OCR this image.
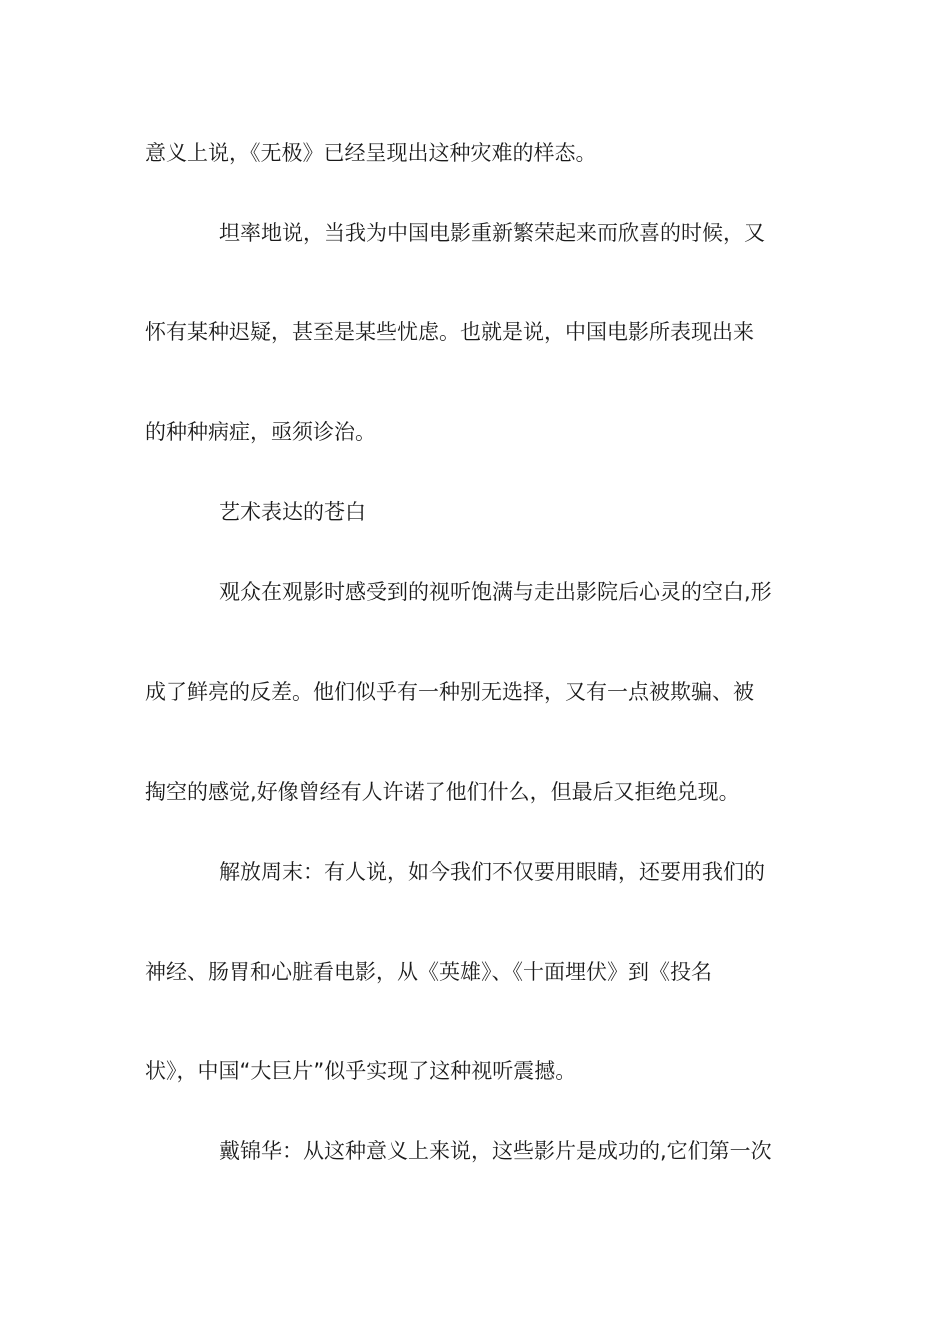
意义上说，《无极》已经呈现出这种灾难的样态。
坦率地说，当我为中国电影重新繁荣起来而欣喜的时候，又
怀有某种迟疑，甚至是某些忧虑。也就是说，中国电影所表现出来
的种种病症，亟须诊治。
艺术表达的苍白
观众在观影时感受到的视听饱满与走出影院后心灵的空白,形
成了鲜亮的反差。他们似乎有一种别无选择，又有一点被欺骗、被
掏空的感觉,好像曾经有人许诺了他们什么，但最后又拒绝兑现。
解放周末：有人说，如今我们不仅要用眼睛，还要用我们的
神经、肠胃和心脏看电影，从《英雄》、《十面埋伏》到《投名
状》，中国“大巨片”似乎实现了这种视听震撼。
戴锦华：从这种意义上来说，这些影片是成功的,它们第一次
